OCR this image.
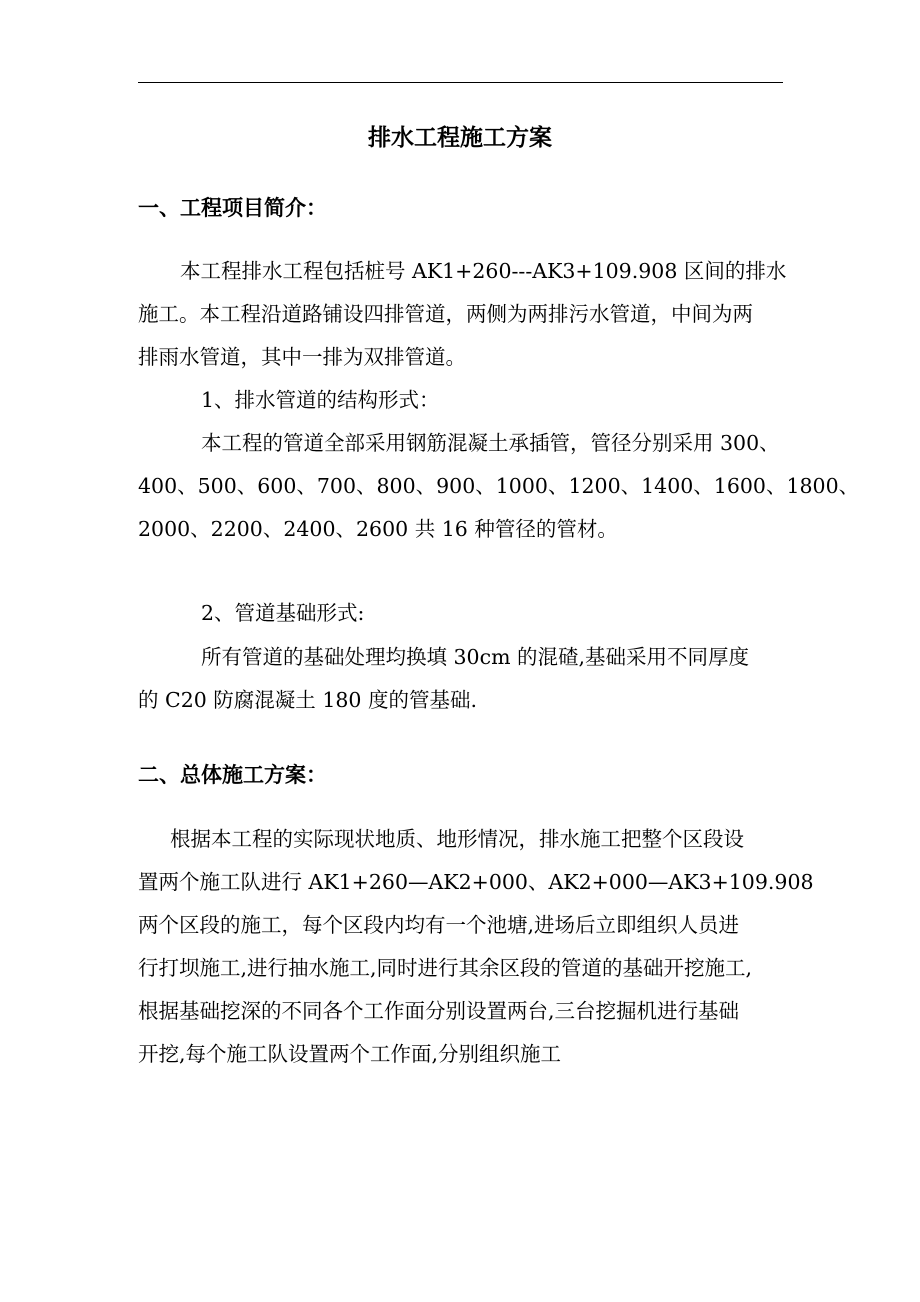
排水工程施工方案
一、工程项目简介：
本工程排水工程包括桩号 AK1+260---AK3+109.908 区间的排水
施工。本工程沿道路铺设四排管道，两侧为两排污水管道，中间为两
排雨水管道，其中一排为双排管道。
1、排水管道的结构形式：
本工程的管道全部采用钢筋混凝土承插管，管径分别采用 300、
400、500、600、700、800、900、1000、1200、1400、1600、1800、
2000、2200、2400、2600 共 16 种管径的管材。
2、管道基础形式:
所有管道的基础处理均换填 30cm 的混碴,基础采用不同厚度
的 C20 防腐混凝土 180 度的管基础.
二、总体施工方案：
根据本工程的实际现状地质、地形情况，排水施工把整个区段设
置两个施工队进行 AK1+260—AK2+000、AK2+000—AK3+109.908
两个区段的施工，每个区段内均有一个池塘,进场后立即组织人员进
行打坝施工,进行抽水施工,同时进行其余区段的管道的基础开挖施工,
根据基础挖深的不同各个工作面分别设置两台,三台挖掘机进行基础
开挖,每个施工队设置两个工作面,分别组织施工
